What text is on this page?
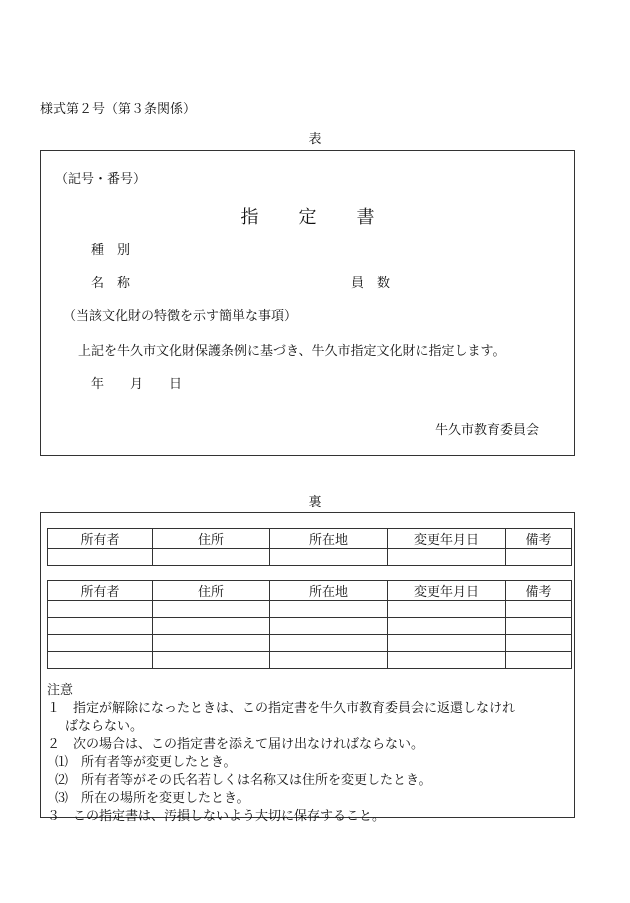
様式第２号（第３条関係）
表
（記号・番号）
指 定 書
種 別
名 称	員 数
（当該文化財の特徴を示す簡単な事項）
上記を牛久市文化財保護条例に基づき、牛久市指定文化財に指定します。
年 月 日
牛久市教育委員会
裏
所有者	住所	所在地	変更年月日	備考

所有者	住所	所在地	変更年月日	備考

注意
１　指定が解除になったときは、この指定書を牛久市教育委員会に返還しなけれ
ばならない。
２　次の場合は、この指定書を添えて届け出なければならない。
⑴　所有者等が変更したとき。
⑵　所有者等がその氏名若しくは名称又は住所を変更したとき。
⑶　所在の場所を変更したとき。
３　この指定書は、汚損しないよう大切に保存すること。
